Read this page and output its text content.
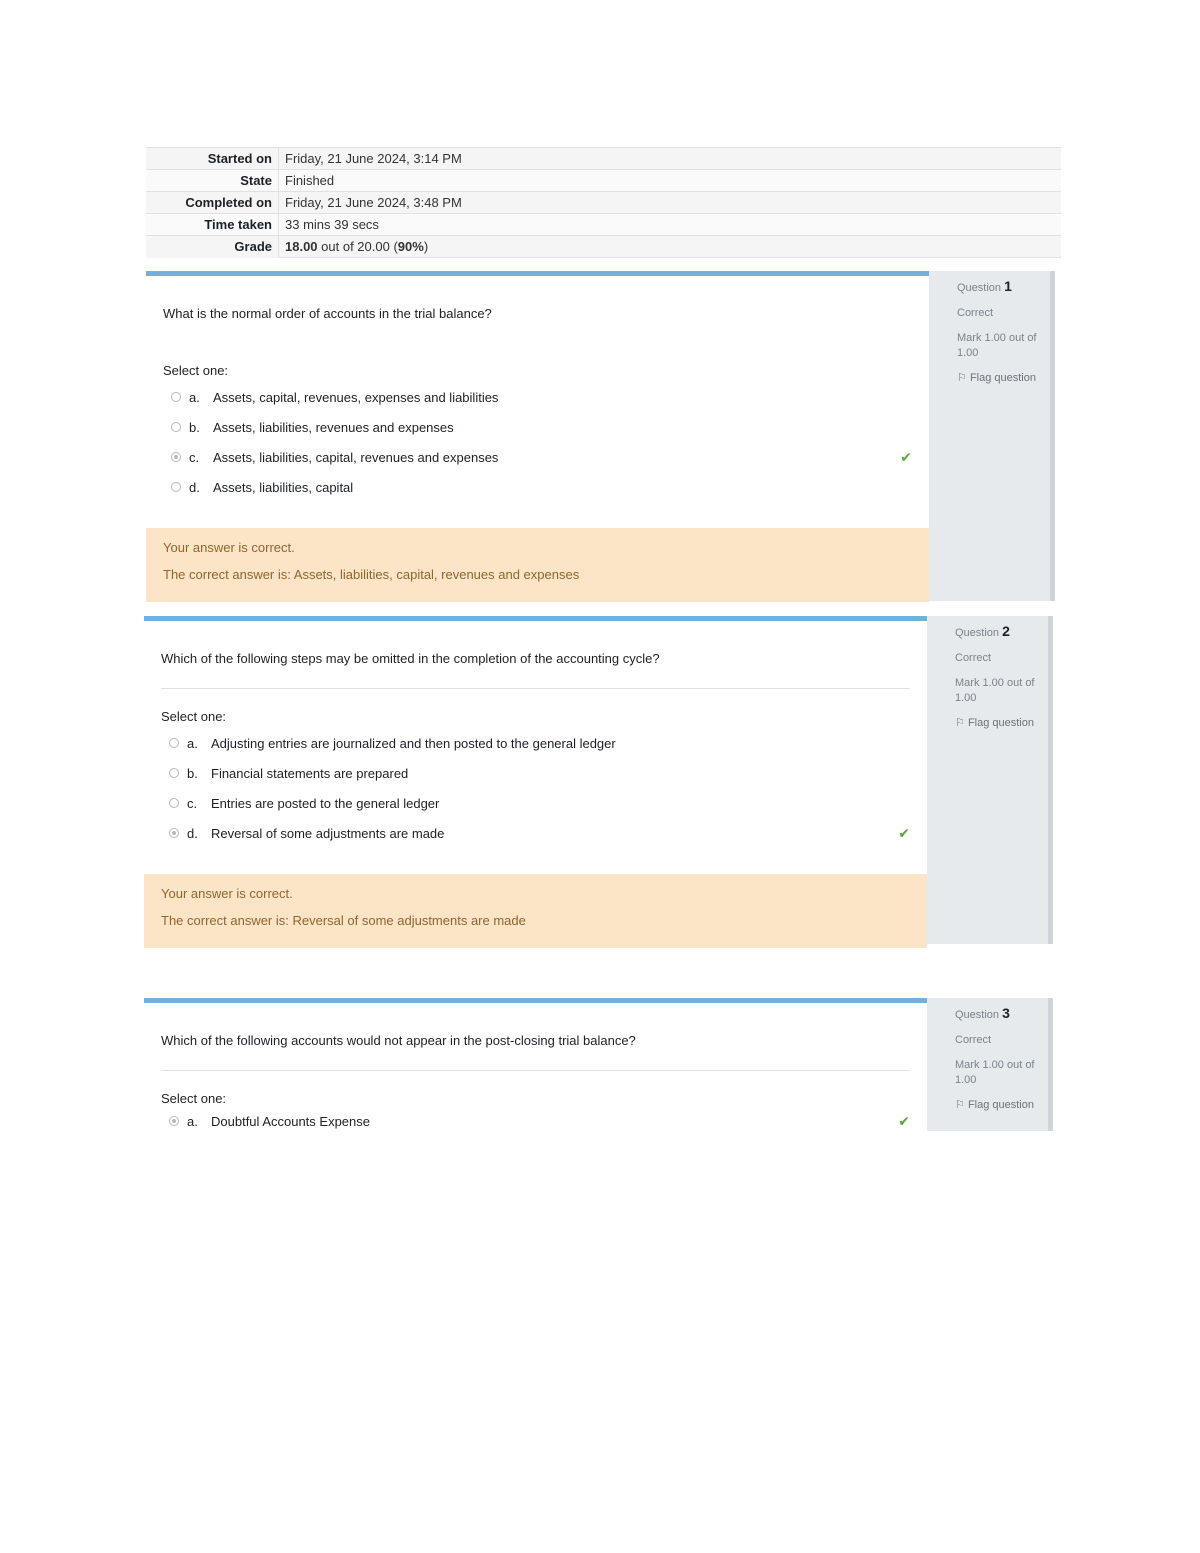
Started on	Friday, 21 June 2024, 3:14 PM
State	Finished
Completed on	Friday, 21 June 2024, 3:48 PM
Time taken	33 mins 39 secs
Grade	18.00 out of 20.00 (90%)
What is the normal order of accounts in the trial balance?
Select one:
a.	Assets, capital, revenues, expenses and liabilities
b.	Assets, liabilities, revenues and expenses
c.	Assets, liabilities, capital, revenues and expenses	✔
d.	Assets, liabilities, capital
Your answer is correct.
The correct answer is: Assets, liabilities, capital, revenues and expenses
Question 1
Correct
Mark 1.00 out of 1.00
⚐ Flag question
Which of the following steps may be omitted in the completion of the accounting cycle?
Select one:
a.	Adjusting entries are journalized and then posted to the general ledger
b.	Financial statements are prepared
c.	Entries are posted to the general ledger
d.	Reversal of some adjustments are made	✔
Your answer is correct.
The correct answer is: Reversal of some adjustments are made
Question 2
Correct
Mark 1.00 out of 1.00
⚐ Flag question
Which of the following accounts would not appear in the post-closing trial balance?
Select one:
a.	Doubtful Accounts Expense	✔
Question 3
Correct
Mark 1.00 out of 1.00
⚐ Flag question
